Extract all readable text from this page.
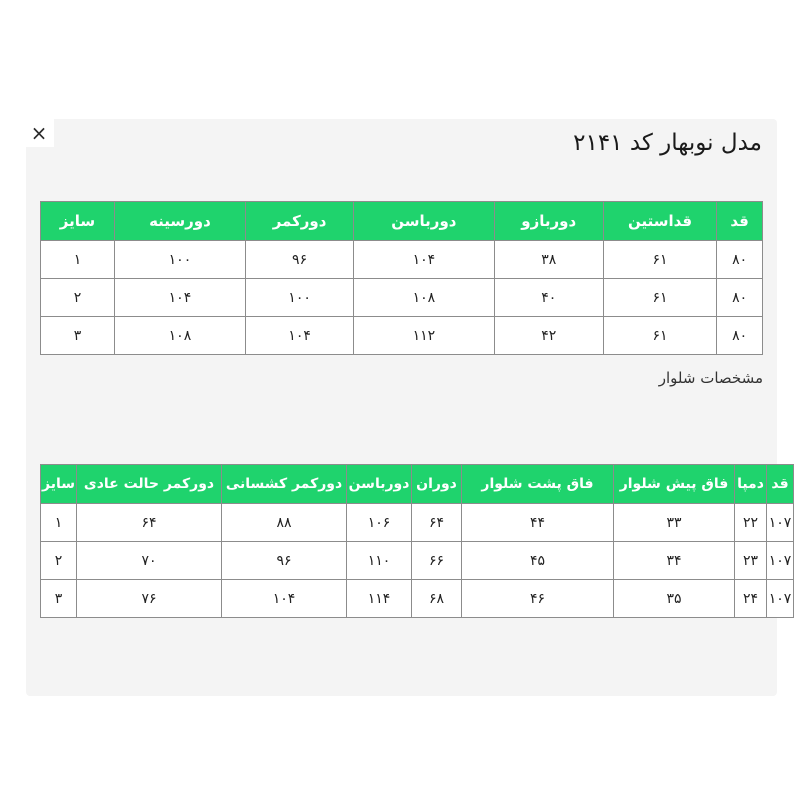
×	مدل نوبهار کد ۲۱۴۱
قد	قداستین	دوربازو	دورباسن	دورکمر	دورسینه	سایز
۸۰	۶۱	۳۸	۱۰۴	۹۶	۱۰۰	۱
۸۰	۶۱	۴۰	۱۰۸	۱۰۰	۱۰۴	۲
۸۰	۶۱	۴۲	۱۱۲	۱۰۴	۱۰۸	۳
مشخصات شلوار
قد	دمپا	فاق پیش شلوار	فاق پشت شلوار	دوران	دورباسن	دورکمر کشسانی	دورکمر حالت عادی	سایز
۱۰۷	۲۲	۳۳	۴۴	۶۴	۱۰۶	۸۸	۶۴	۱
۱۰۷	۲۳	۳۴	۴۵	۶۶	۱۱۰	۹۶	۷۰	۲
۱۰۷	۲۴	۳۵	۴۶	۶۸	۱۱۴	۱۰۴	۷۶	۳
